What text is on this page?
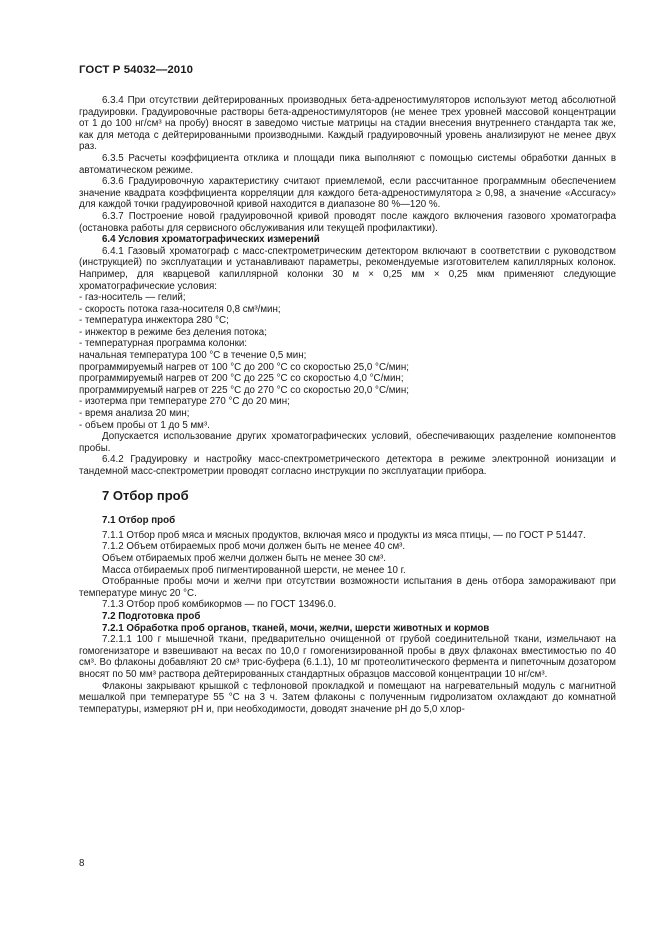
ГОСТ Р 54032—2010

6.3.4 При отсутствии дейтерированных производных бета-адреностимуляторов используют метод абсолютной градуировки. Градуировочные растворы бета-адреностимуляторов (не менее трех уровней массовой концентрации от 1 до 100 нг/см³ на пробу) вносят в заведомо чистые матрицы на стадии внесения внутреннего стандарта так же, как для метода с дейтерированными производными. Каждый градуировочный уровень анализируют не менее двух раз.

6.3.5 Расчеты коэффициента отклика и площади пика выполняют с помощью системы обработки данных в автоматическом режиме.

6.3.6 Градуировочную характеристику считают приемлемой, если рассчитанное программным обеспечением значение квадрата коэффициента корреляции для каждого бета-адреностимулятора ≥ 0,98, а значение «Accuracy» для каждой точки градуировочной кривой находится в диапазоне 80 %—120 %.

6.3.7 Построение новой градуировочной кривой проводят после каждого включения газового хроматографа (остановка работы для сервисного обслуживания или текущей профилактики).

6.4 Условия хроматографических измерений

6.4.1 Газовый хроматограф с масс-спектрометрическим детектором включают в соответствии с руководством (инструкцией) по эксплуатации и устанавливают параметры, рекомендуемые изготовителем капиллярных колонок. Например, для кварцевой капиллярной колонки 30 м × 0,25 мм × 0,25 мкм применяют следующие хроматографические условия:

- газ-носитель — гелий;

- скорость потока газа-носителя 0,8 см³/мин;

- температура инжектора 280 °С;

- инжектор в режиме без деления потока;

- температурная программа колонки:

начальная температура 100 °С в течение 0,5 мин;

программируемый нагрев от 100 °С до 200 °С со скоростью 25,0 °С/мин;

программируемый нагрев от 200 °С до 225 °С со скоростью 4,0 °С/мин;

программируемый нагрев от 225 °С до 270 °С со скоростью 20,0 °С/мин;

- изотерма при температуре 270 °С до 20 мин;

- время анализа 20 мин;

- объем пробы от 1 до 5 мм³.

Допускается использование других хроматографических условий, обеспечивающих разделение компонентов пробы.

6.4.2 Градуировку и настройку масс-спектрометрического детектора в режиме электронной ионизации и тандемной масс-спектрометрии проводят согласно инструкции по эксплуатации прибора.

7 Отбор проб

7.1 Отбор проб

7.1.1 Отбор проб мяса и мясных продуктов, включая мясо и продукты из мяса птицы, — по ГОСТ Р 51447.

7.1.2 Объем отбираемых проб мочи должен быть не менее 40 см³.

Объем отбираемых проб желчи должен быть не менее 30 см³.

Масса отбираемых проб пигментированной шерсти, не менее 10 г.

Отобранные пробы мочи и желчи при отсутствии возможности испытания в день отбора замораживают при температуре минус 20 °С.

7.1.3 Отбор проб комбикормов — по ГОСТ 13496.0.

7.2 Подготовка проб

7.2.1 Обработка проб органов, тканей, мочи, желчи, шерсти животных и кормов

7.2.1.1 100 г мышечной ткани, предварительно очищенной от грубой соединительной ткани, измельчают на гомогенизаторе и взвешивают на весах по 10,0 г гомогенизированной пробы в двух флаконах вместимостью по 40 см³. Во флаконы добавляют 20 см³ трис-буфера (6.1.1), 10 мг протеолитического фермента и пипеточным дозатором вносят по 50 мм³ раствора дейтерированных стандартных образцов массовой концентрации 10 нг/см³.

Флаконы закрывают крышкой с тефлоновой прокладкой и помещают на нагревательный модуль с магнитной мешалкой при температуре 55 °С на 3 ч. Затем флаконы с полученным гидролизатом охлаждают до комнатной температуры, измеряют рН и, при необходимости, доводят значение рН до 5,0 хлор-

8
